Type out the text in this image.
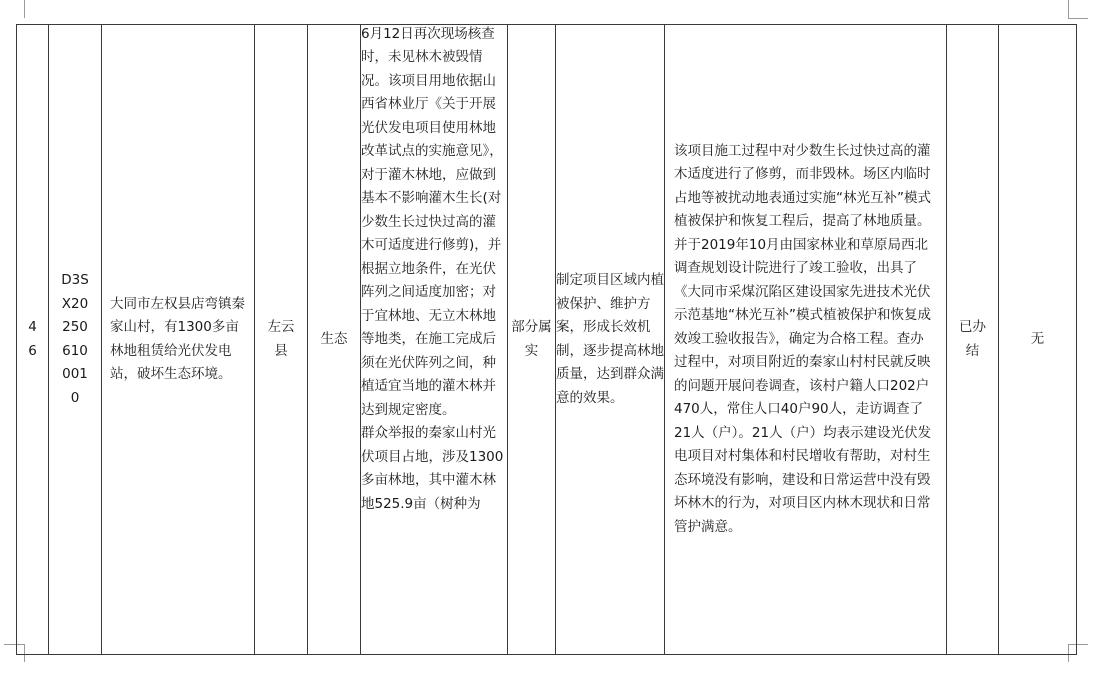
46	D3SX202506100010	大同市左权县店弯镇秦家山村，有1300多亩林地租赁给光伏发电站，破坏生态环境。	左云县	生态	
6月12日再次现场核查时，未见林木被毁情况。该项目用地依据山西省林业厅《关于开展光伏发电项目使用林地改革试点的实施意见》，对于灌木林地，应做到基本不影响灌木生长(对少数生长过快过高的灌木可适度进行修剪)，并根据立地条件，在光伏阵列之间适度加密；对于宜林地、无立木林地等地类，在施工完成后须在光伏阵列之间，种植适宜当地的灌木林并达到规定密度。
群众举报的秦家山村光伏项目占地，涉及1300多亩林地，其中灌木林地525.9亩（树种为
	部分属实	制定项目区域内植被保护、维护方案，形成长效机制，逐步提高林地质量，达到群众满意的效果。	该项目施工过程中对少数生长过快过高的灌木适度进行了修剪，而非毁林。场区内临时占地等被扰动地表通过实施“林光互补”模式植被保护和恢复工程后，提高了林地质量。并于2019年10月由国家林业和草原局西北调查规划设计院进行了竣工验收，出具了《大同市采煤沉陷区建设国家先进技术光伏示范基地“林光互补”模式植被保护和恢复成效竣工验收报告》，确定为合格工程。查办过程中，对项目附近的秦家山村村民就反映的问题开展问卷调查，该村户籍人口202户470人，常住人口40户90人，走访调查了21人（户）。21人（户）均表示建设光伏发电项目对村集体和村民增收有帮助，对村生态环境没有影响，建设和日常运营中没有毁坏林木的行为，对项目区内林木现状和日常管护满意。	已办结	无
